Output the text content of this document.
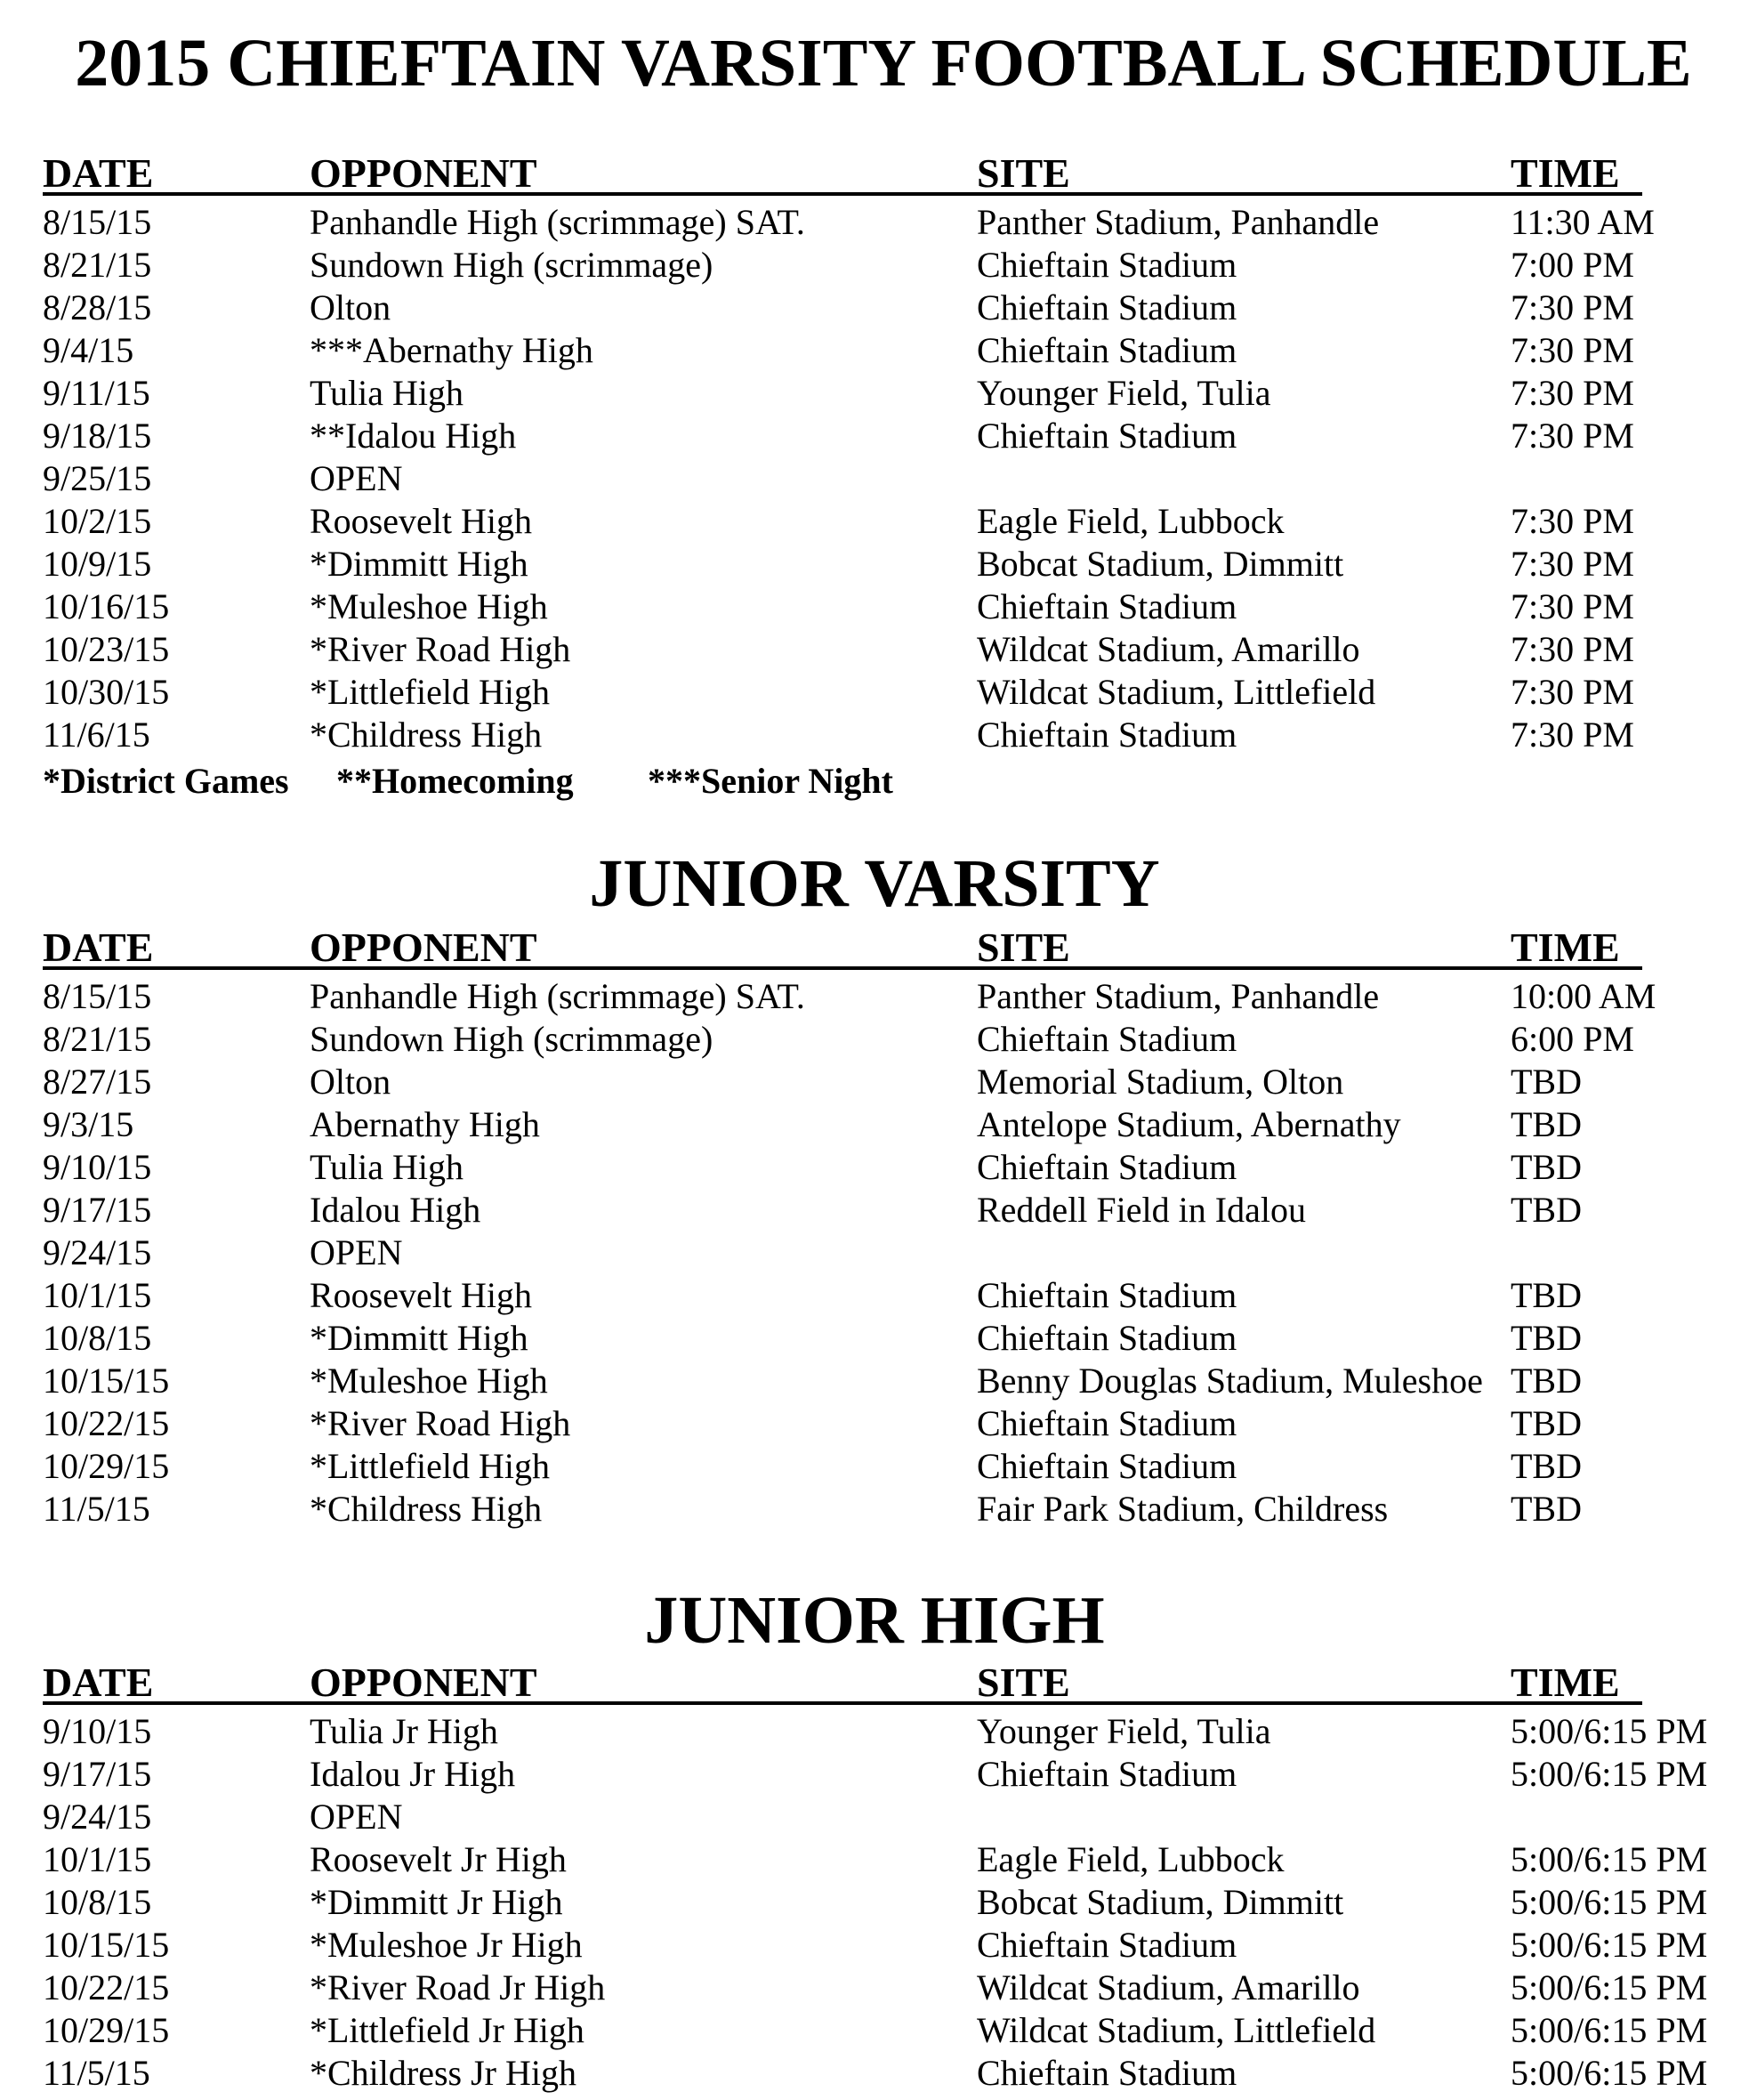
2015 CHIEFTAIN VARSITY FOOTBALL SCHEDULE
DATE	OPPONENT	SITE	TIME
8/15/15	Panhandle High (scrimmage) SAT.	Panther Stadium, Panhandle	11:30 AM
8/21/15	Sundown High (scrimmage)	Chieftain Stadium	7:00 PM
8/28/15	Olton	Chieftain Stadium	7:30 PM
9/4/15	***Abernathy High	Chieftain Stadium	7:30 PM
9/11/15	Tulia High	Younger Field, Tulia	7:30 PM
9/18/15	**Idalou High	Chieftain Stadium	7:30 PM
9/25/15	OPEN
10/2/15	Roosevelt High	Eagle Field, Lubbock	7:30 PM
10/9/15	*Dimmitt High	Bobcat Stadium, Dimmitt	7:30 PM
10/16/15	*Muleshoe High	Chieftain Stadium	7:30 PM
10/23/15	*River Road High	Wildcat Stadium, Amarillo	7:30 PM
10/30/15	*Littlefield High	Wildcat Stadium, Littlefield	7:30 PM
11/6/15	*Childress High	Chieftain Stadium	7:30 PM
*District Games **Homecoming ***Senior Night
JUNIOR VARSITY
DATE	OPPONENT	SITE	TIME
8/15/15	Panhandle High (scrimmage) SAT.	Panther Stadium, Panhandle	10:00 AM
8/21/15	Sundown High (scrimmage)	Chieftain Stadium	6:00 PM
8/27/15	Olton	Memorial Stadium, Olton	TBD
9/3/15	Abernathy High	Antelope Stadium, Abernathy	TBD
9/10/15	Tulia High	Chieftain Stadium	TBD
9/17/15	Idalou High	Reddell Field in Idalou	TBD
9/24/15	OPEN
10/1/15	Roosevelt High	Chieftain Stadium	TBD
10/8/15	*Dimmitt High	Chieftain Stadium	TBD
10/15/15	*Muleshoe High	Benny Douglas Stadium, Muleshoe TBD
10/22/15	*River Road High	Chieftain Stadium	TBD
10/29/15	*Littlefield High	Chieftain Stadium	TBD
11/5/15	*Childress High	Fair Park Stadium, Childress	TBD
JUNIOR HIGH
DATE	OPPONENT	SITE	TIME
9/10/15	Tulia Jr High	Younger Field, Tulia	5:00/6:15 PM
9/17/15	Idalou Jr High	Chieftain Stadium	5:00/6:15 PM
9/24/15	OPEN
10/1/15	Roosevelt Jr High	Eagle Field, Lubbock	5:00/6:15 PM
10/8/15	*Dimmitt Jr High	Bobcat Stadium, Dimmitt	5:00/6:15 PM
10/15/15	*Muleshoe Jr High	Chieftain Stadium	5:00/6:15 PM
10/22/15	*River Road Jr High	Wildcat Stadium, Amarillo	5:00/6:15 PM
10/29/15	*Littlefield Jr High	Wildcat Stadium, Littlefield	5:00/6:15 PM
11/5/15	*Childress Jr High	Chieftain Stadium	5:00/6:15 PM
